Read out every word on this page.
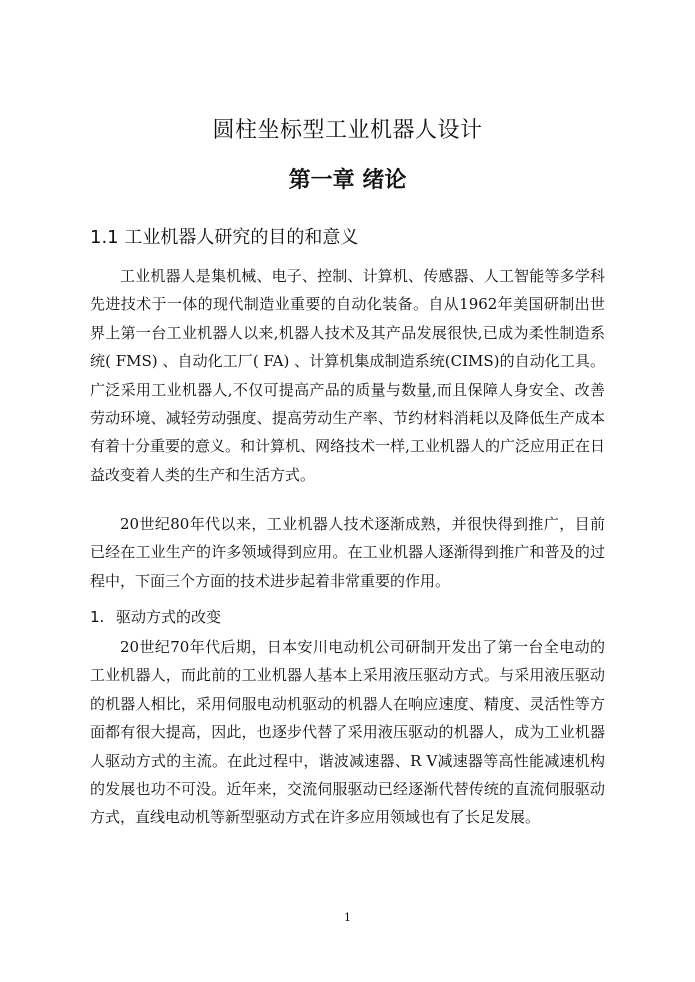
圆柱坐标型工业机器人设计
第一章 绪论
1.1 工业机器人研究的目的和意义

工业机器人是集机械、电子、控制、计算机、传感器、人工智能等多学科先进技术于一体的现代制造业重要的自动化装备。自从1962年美国研制出世界上第一台工业机器人以来,机器人技术及其产品发展很快,已成为柔性制造系统( FMS) 、自动化工厂( FA) 、计算机集成制造系统(CIMS)的自动化工具。广泛采用工业机器人,不仅可提高产品的质量与数量,而且保障人身安全、改善劳动环境、减轻劳动强度、提高劳动生产率、节约材料消耗以及降低生产成本有着十分重要的意义。和计算机、网络技术一样,工业机器人的广泛应用正在日益改变着人类的生产和生活方式。

20世纪80年代以来，工业机器人技术逐渐成熟，并很快得到推广，目前已经在工业生产的许多领域得到应用。在工业机器人逐渐得到推广和普及的过程中，下面三个方面的技术进步起着非常重要的作用。

1. 驱动方式的改变

20世纪70年代后期，日本安川电动机公司研制开发出了第一台全电动的工业机器人，而此前的工业机器人基本上采用液压驱动方式。与采用液压驱动的机器人相比，采用伺服电动机驱动的机器人在响应速度、精度、灵活性等方面都有很大提高，因此，也逐步代替了采用液压驱动的机器人，成为工业机器人驱动方式的主流。在此过程中，谐波减速器、R V减速器等高性能减速机构的发展也功不可没。近年来，交流伺服驱动已经逐渐代替传统的直流伺服驱动方式，直线电动机等新型驱动方式在许多应用领域也有了长足发展。

1
